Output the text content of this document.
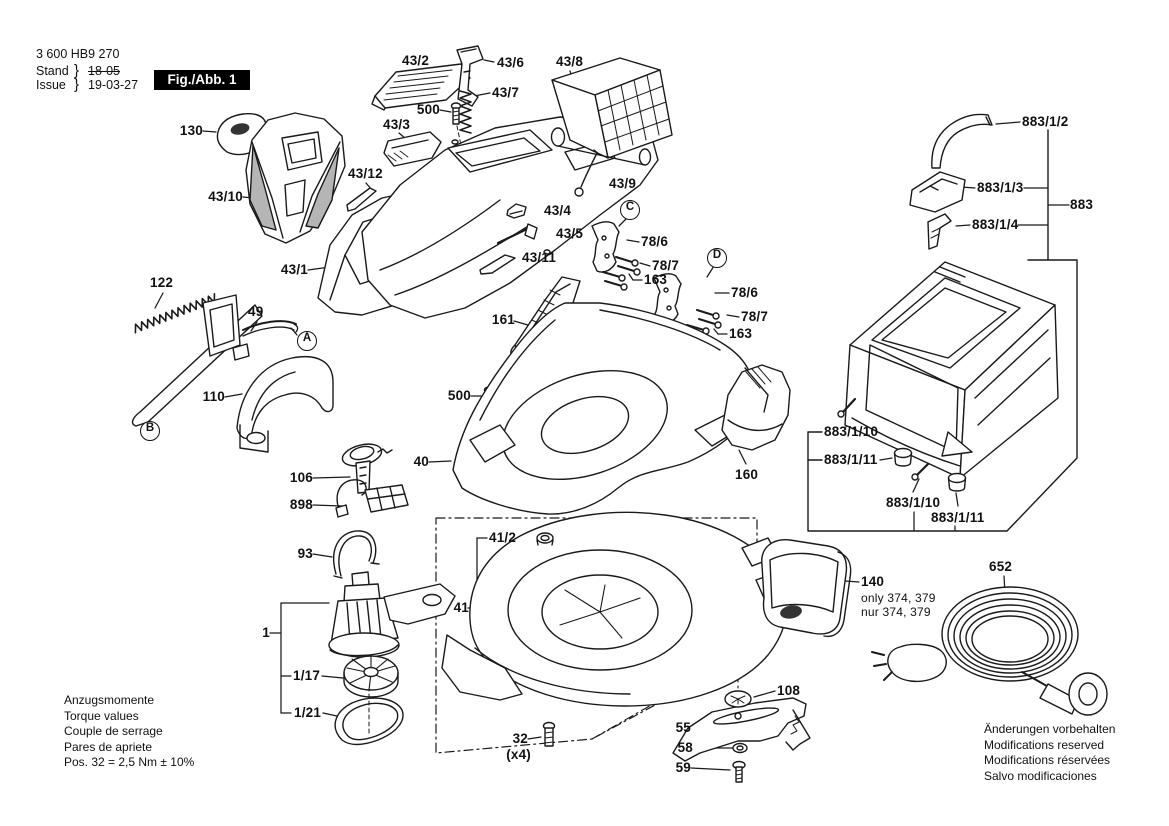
3 600 HB9 270
Stand } 18-05
Issue } 19-03-27	Fig./Abb. 1
A
B
C
D
130
43/10
43/1
122
49
110
106
898
93
1
1/17
1/21
43/2	43/6
43/7
500
43/3
43/12
43/8
43/9
43/4
43/5
43/11
78/6
78/7
163
78/6
78/7
163
161
500
40
160
883/1/2
883/1/3
883/1/4
883
883/1/10
883/1/11
883/1/10
883/1/11
41/2
41
32
(x4)
55
58
59
108
140
only 374, 379
nur 374, 379
652
Anzugsmomente
Torque values
Couple de serrage
Pares de apriete
Pos. 32 = 2,5 Nm ± 10%
Änderungen vorbehalten
Modifications reserved
Modifications réservées
Salvo modificaciones
